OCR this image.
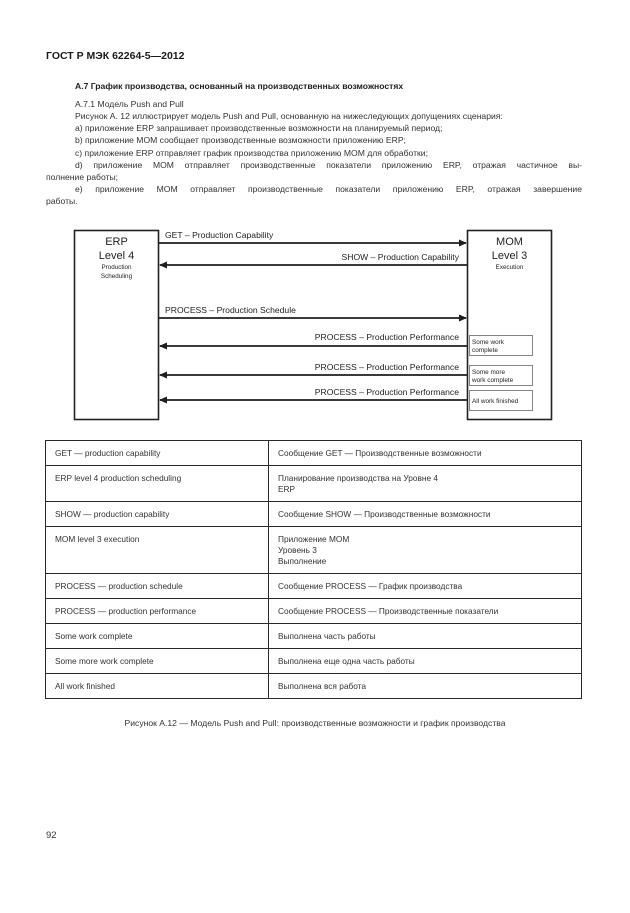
ГОСТ Р МЭК 62264-5—2012
А.7 График производства, основанный на производственных возможностях
А.7.1 Модель Push and Pull
Рисунок А. 12 иллюстрирует модель Push and Pull, основанную на нижеследующих допущениях сценария:
а) приложение ERP запрашивает производственные возможности на планируемый период;
b) приложение МОМ сообщает производственные возможности приложению ERP;
с) приложение ERP отправляет график производства приложению МОМ для обработки;
d) приложение МОМ отправляет производственные показатели приложению ERP, отражая частичное вы-
полнение работы;
е) приложение МОМ отправляет производственные показатели приложению ERP, отражая завершение
работы.
ERP
Level 4
Production
Scheduling
MOM
Level 3
Execution
GET – Production Capability
SHOW – Production Capability
PROCESS – Production Schedule
PROCESS – Production Performance
PROCESS – Production Performance
PROCESS – Production Performance
Some work
complete
Some more
work complete
All work finished
GET — production capability	Сообщение GET — Производственные возможности

ERP level 4 production scheduling	Планирование производства на Уровне 4
ERP

SHOW — production capability	Сообщение SHOW — Производственные возможности

MOM level 3 execution	Приложение МОМ
Уровень 3
Выполнение

PROCESS — production schedule	Сообщение PROCESS — График производства

PROCESS — production performance	Сообщение PROCESS — Производственные показатели

Some work complete	Выполнена часть работы

Some more work complete	Выполнена еще одна часть работы

All work finished	Выполнена вся работа
Рисунок А.12 — Модель Push and Pull: производственные возможности и график производства
92
